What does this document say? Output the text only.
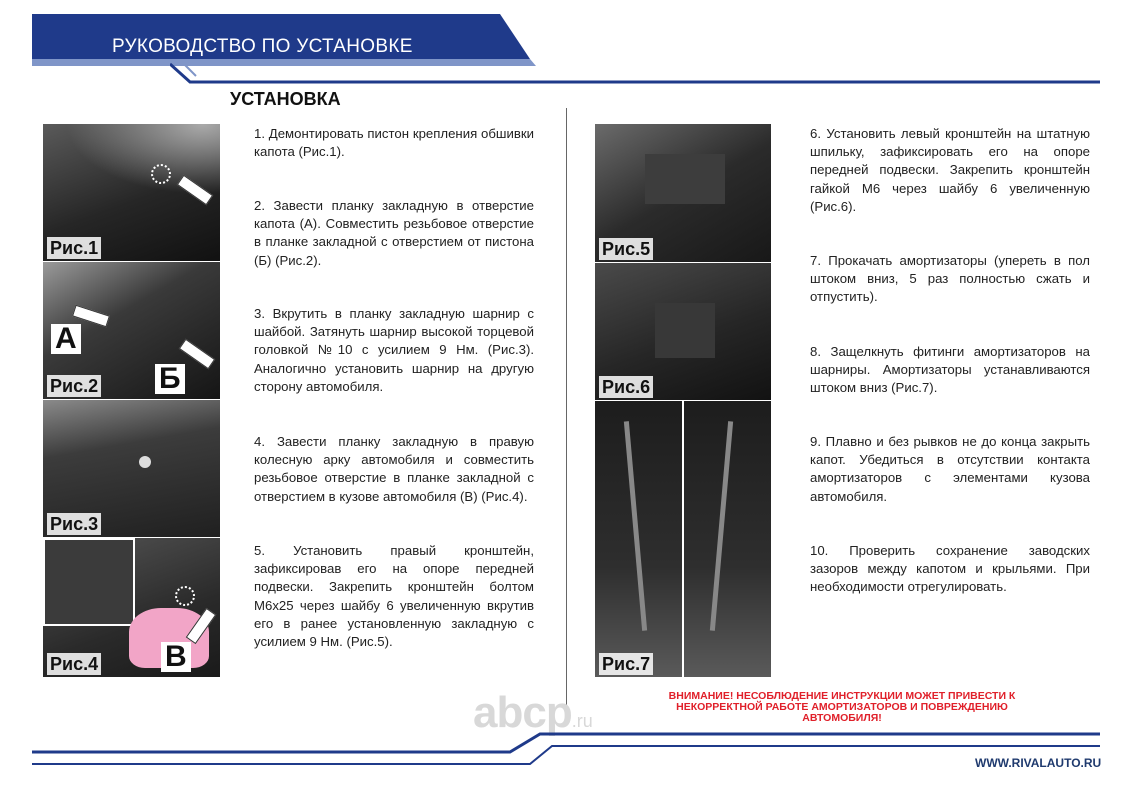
РУКОВОДСТВО ПО УСТАНОВКЕ
УСТАНОВКА
Рис.1
А
Б
Рис.2
Рис.3
В
Рис.4
1. Демонтировать пистон крепления обшивки капота (Рис.1).
2. Завести планку закладную в отверстие капота (А). Совместить резьбовое отверстие в планке закладной с отверстием от пистона (Б) (Рис.2).
3. Вкрутить в планку закладную шарнир с шайбой. Затянуть шарнир высокой торцевой головкой №10 с усилием 9 Нм. (Рис.3). Аналогично установить шарнир на другую сторону автомобиля.
4. Завести планку закладную в правую колесную арку автомобиля и совместить резьбовое отверстие в планке закладной с отверстием в кузове автомобиля (В) (Рис.4).
5. Установить правый кронштейн, зафиксировав его на опоре передней подвески. Закрепить кронштейн болтом М6х25 через шайбу 6 увеличенную вкрутив его в ранее установленную закладную с усилием 9 Нм. (Рис.5).
Рис.5
Рис.6
Рис.7
6. Установить левый кронштейн на штатную шпильку, зафиксировать его на опоре передней подвески. Закрепить кронштейн гайкой М6 через шайбу 6 увеличенную (Рис.6).
7. Прокачать амортизаторы (упереть в пол штоком вниз, 5 раз полностью сжать и отпустить).
8. Защелкнуть фитинги амортизаторов на шарниры. Амортизаторы устанавливаются штоком вниз (Рис.7).
9. Плавно и без рывков не до конца закрыть капот. Убедиться в отсутствии контакта амортизаторов с элементами кузова автомобиля.
10. Проверить сохранение заводских зазоров между капотом и крыльями. При необходимости отрегулировать.
abcp.ru
ВНИМАНИЕ! НЕСОБЛЮДЕНИЕ ИНСТРУКЦИИ МОЖЕТ ПРИВЕСТИ К НЕКОРРЕКТНОЙ РАБОТЕ АМОРТИЗАТОРОВ И ПОВРЕЖДЕНИЮ АВТОМОБИЛЯ!
WWW.RIVALAUTO.RU
